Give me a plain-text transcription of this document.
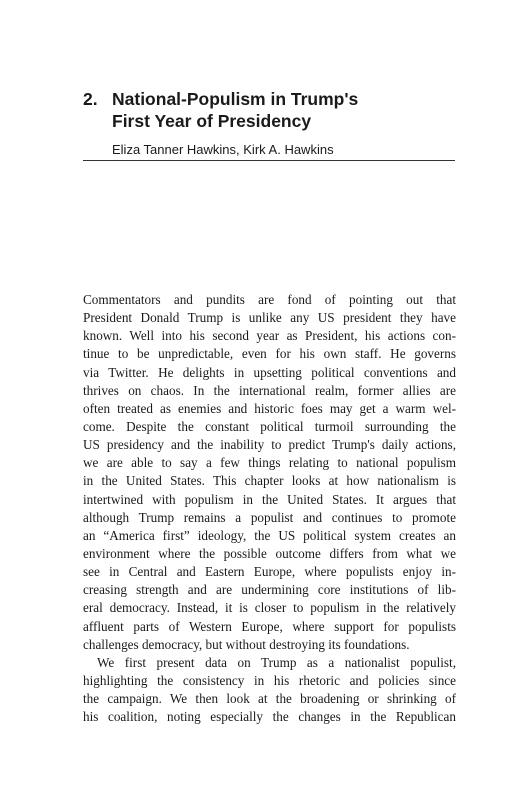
2. National-Populism in Trump's
First Year of Presidency
Eliza Tanner Hawkins, Kirk A. Hawkins
Commentators and pundits are fond of pointing out that
President Donald Trump is unlike any US president they have
known. Well into his second year as President, his actions con-
tinue to be unpredictable, even for his own staff. He governs
via Twitter. He delights in upsetting political conventions and
thrives on chaos. In the international realm, former allies are
often treated as enemies and historic foes may get a warm wel-
come. Despite the constant political turmoil surrounding the
US presidency and the inability to predict Trump's daily actions,
we are able to say a few things relating to national populism
in the United States. This chapter looks at how nationalism is
intertwined with populism in the United States. It argues that
although Trump remains a populist and continues to promote
an “America first” ideology, the US political system creates an
environment where the possible outcome differs from what we
see in Central and Eastern Europe, where populists enjoy in-
creasing strength and are undermining core institutions of lib-
eral democracy. Instead, it is closer to populism in the relatively
affluent parts of Western Europe, where support for populists
challenges democracy, but without destroying its foundations.
We first present data on Trump as a nationalist populist,
highlighting the consistency in his rhetoric and policies since
the campaign. We then look at the broadening or shrinking of
his coalition, noting especially the changes in the Republican
